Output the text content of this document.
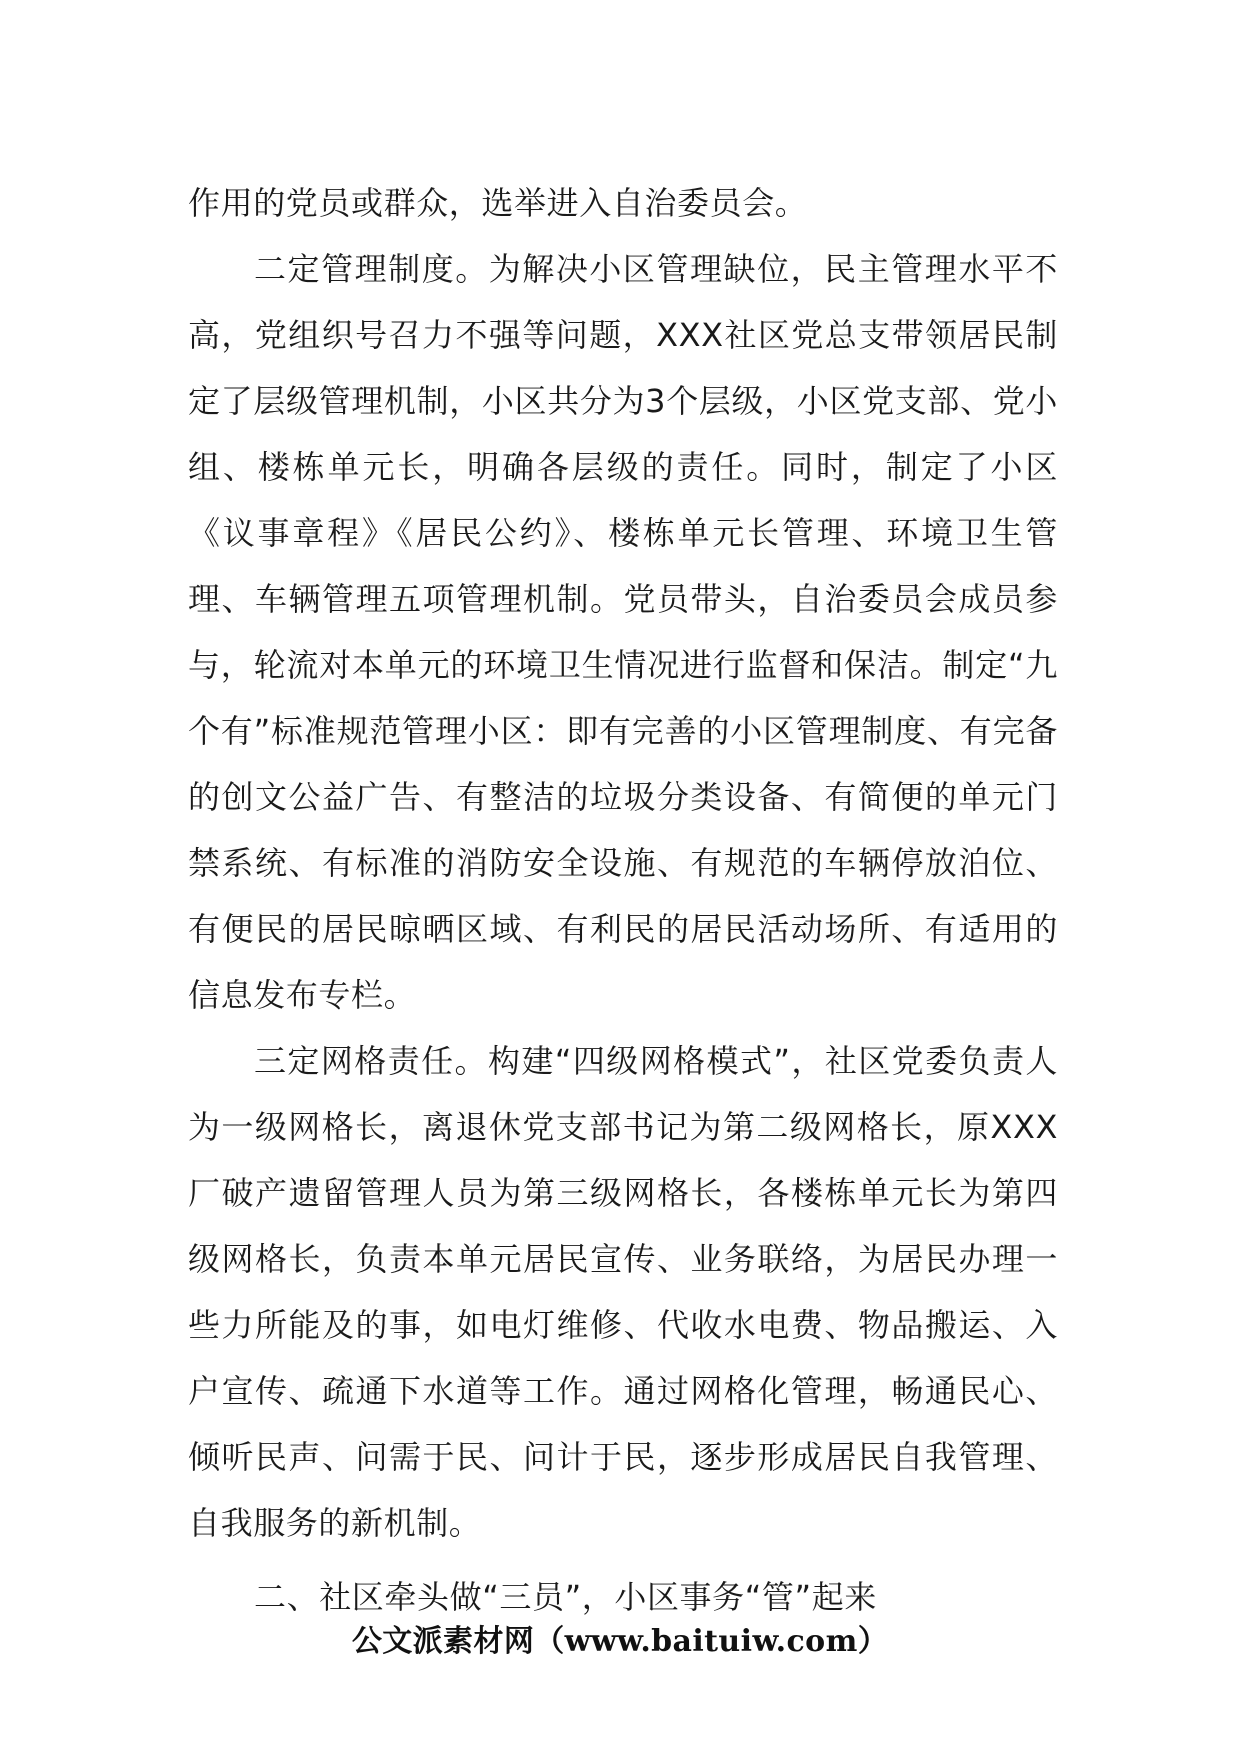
作用的党员或群众，选举进入自治委员会。

二定管理制度。为解决小区管理缺位，民主管理水平不高，党组织号召力不强等问题，XXX社区党总支带领居民制定了层级管理机制，小区共分为3个层级，小区党支部、党小组、楼栋单元长，明确各层级的责任。同时，制定了小区《议事章程》《居民公约》、楼栋单元长管理、环境卫生管理、车辆管理五项管理机制。党员带头，自治委员会成员参与，轮流对本单元的环境卫生情况进行监督和保洁。制定“九个有”标准规范管理小区：即有完善的小区管理制度、有完备的创文公益广告、有整洁的垃圾分类设备、有简便的单元门禁系统、有标准的消防安全设施、有规范的车辆停放泊位、有便民的居民晾晒区域、有利民的居民活动场所、有适用的信息发布专栏。

三定网格责任。构建“四级网格模式”，社区党委负责人为一级网格长，离退休党支部书记为第二级网格长，原XXX厂破产遗留管理人员为第三级网格长，各楼栋单元长为第四级网格长，负责本单元居民宣传、业务联络，为居民办理一些力所能及的事，如电灯维修、代收水电费、物品搬运、入户宣传、疏通下水道等工作。通过网格化管理，畅通民心、倾听民声、问需于民、问计于民，逐步形成居民自我管理、自我服务的新机制。

二、社区牵头做“三员”，小区事务“管”起来

公文派素材网（www.baituiw.com）
